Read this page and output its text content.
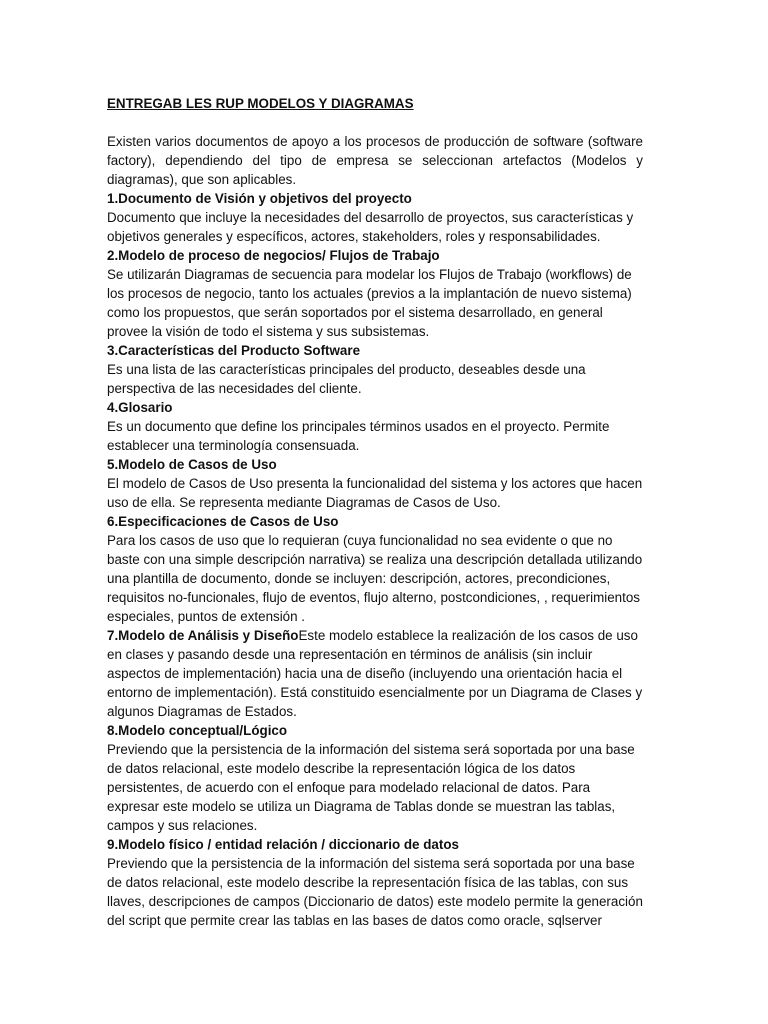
ENTREGAB LES RUP MODELOS Y DIAGRAMAS

Existen varios documentos de apoyo a los procesos de producción de software (software factory), dependiendo del tipo de empresa se seleccionan artefactos (Modelos y diagramas), que son aplicables.

1.Documento de Visión y objetivos del proyecto

Documento que incluye la necesidades del desarrollo de proyectos, sus características y objetivos generales y específicos, actores, stakeholders, roles y responsabilidades.

2.Modelo de proceso de negocios/ Flujos de Trabajo

Se utilizarán Diagramas de secuencia para modelar los Flujos de Trabajo (workflows) de los procesos de negocio, tanto los actuales (previos a la implantación de nuevo sistema) como los propuestos, que serán soportados por el sistema desarrollado, en general provee la visión de todo el sistema y sus subsistemas.

3.Características del Producto Software

Es una lista de las características principales del producto, deseables desde una perspectiva de las necesidades del cliente.

4.Glosario

Es un documento que define los principales términos usados en el proyecto. Permite establecer una terminología consensuada.

5.Modelo de Casos de Uso

El modelo de Casos de Uso presenta la funcionalidad del sistema y los actores que hacen uso de ella. Se representa mediante Diagramas de Casos de Uso.

6.Especificaciones de Casos de Uso

Para los casos de uso que lo requieran (cuya funcionalidad no sea evidente o que no baste con una simple descripción narrativa) se realiza una descripción detallada utilizando una plantilla de documento, donde se incluyen: descripción, actores, precondiciones, requisitos no-funcionales, flujo de eventos, flujo alterno, postcondiciones, , requerimientos especiales, puntos de extensión .

7.Modelo de Análisis y DiseñoEste modelo establece la realización de los casos de uso en clases y pasando desde una representación en términos de análisis (sin incluir aspectos de implementación) hacia una de diseño (incluyendo una orientación hacia el entorno de implementación). Está constituido esencialmente por un Diagrama de Clases y algunos Diagramas de Estados.

8.Modelo conceptual/Lógico

Previendo que la persistencia de la información del sistema será soportada por una base de datos relacional, este modelo describe la representación lógica de los datos persistentes, de acuerdo con el enfoque para modelado relacional de datos. Para expresar este modelo se utiliza un Diagrama de Tablas donde se muestran las tablas, campos y sus relaciones.

9.Modelo físico / entidad relación / diccionario de datos

Previendo que la persistencia de la información del sistema será soportada por una base de datos relacional, este modelo describe la representación física de las tablas, con sus llaves, descripciones de campos (Diccionario de datos) este modelo permite la generación del script que permite crear las tablas en las bases de datos como oracle, sqlserver
